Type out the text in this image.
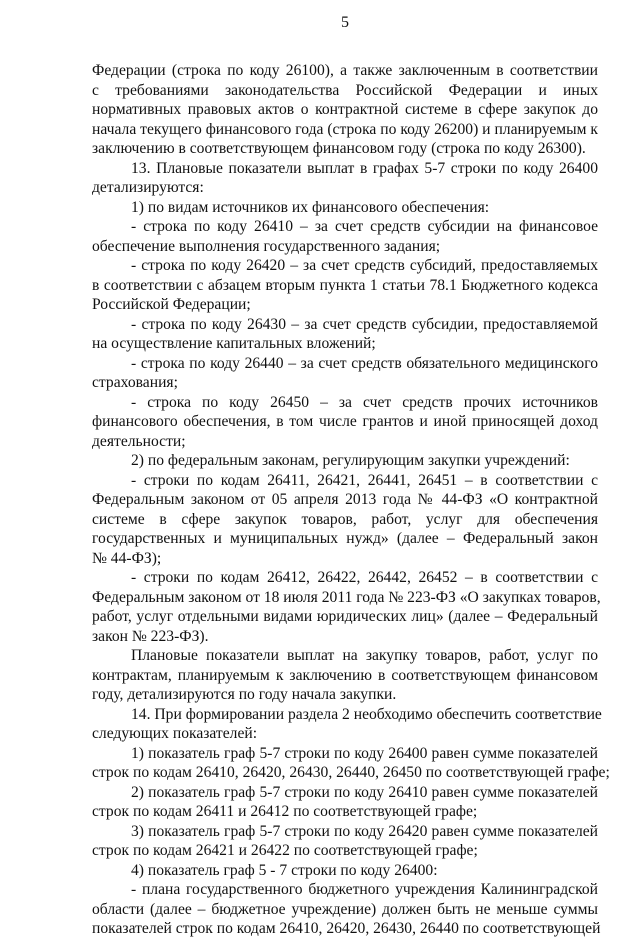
5
Федерации (строка по коду 26100), а также заключенным в соответствии
с требованиями законодательства Российской Федерации и иных
нормативных правовых актов о контрактной системе в сфере закупок до
начала текущего финансового года (строка по коду 26200) и планируемым к
заключению в соответствующем финансовом году (строка по коду 26300).
13. Плановые показатели выплат в графах 5-7 строки по коду 26400
детализируются:
1) по видам источников их финансового обеспечения:
- строка по коду 26410 – за счет средств субсидии на финансовое
обеспечение выполнения государственного задания;
- строка по коду 26420 – за счет средств субсидий, предоставляемых
в соответствии с абзацем вторым пункта 1 статьи 78.1 Бюджетного кодекса
Российской Федерации;
- строка по коду 26430 – за счет средств субсидии, предоставляемой
на осуществление капитальных вложений;
- строка по коду 26440 – за счет средств обязательного медицинского
страхования;
- строка по коду 26450 – за счет средств прочих источников
финансового обеспечения, в том числе грантов и иной приносящей доход
деятельности;
2) по федеральным законам, регулирующим закупки учреждений:
- строки по кодам 26411, 26421, 26441, 26451 – в соответствии с
Федеральным законом от 05 апреля 2013 года № 44-ФЗ «О контрактной
системе в сфере закупок товаров, работ, услуг для обеспечения
государственных и муниципальных нужд» (далее – Федеральный закон
№ 44-ФЗ);
- строки по кодам 26412, 26422, 26442, 26452 – в соответствии с
Федеральным законом от 18 июля 2011 года № 223-ФЗ «О закупках товаров,
работ, услуг отдельными видами юридических лиц» (далее – Федеральный
закон № 223-ФЗ).
Плановые показатели выплат на закупку товаров, работ, услуг по
контрактам, планируемым к заключению в соответствующем финансовом
году, детализируются по году начала закупки.
14. При формировании раздела 2 необходимо обеспечить соответствие
следующих показателей:
1) показатель граф 5-7 строки по коду 26400 равен сумме показателей
строк по кодам 26410, 26420, 26430, 26440, 26450 по соответствующей графе;
2) показатель граф 5-7 строки по коду 26410 равен сумме показателей
строк по кодам 26411 и 26412 по соответствующей графе;
3) показатель граф 5-7 строки по коду 26420 равен сумме показателей
строк по кодам 26421 и 26422 по соответствующей графе;
4) показатель граф 5 - 7 строки по коду 26400:
- плана государственного бюджетного учреждения Калининградской
области (далее – бюджетное учреждение) должен быть не меньше суммы
показателей строк по кодам 26410, 26420, 26430, 26440 по соответствующей
